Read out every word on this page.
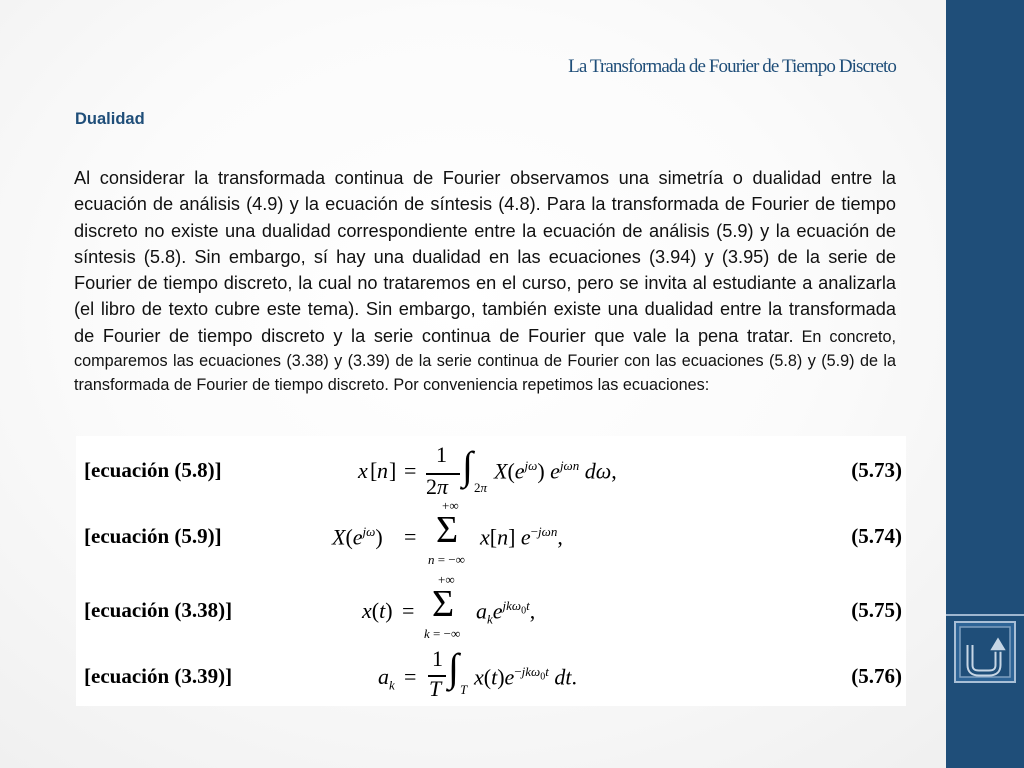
La Transformada de Fourier de Tiempo Discreto
Dualidad
Al considerar la transformada continua de Fourier observamos una simetría o dualidad entre la ecuación de análisis (4.9) y la ecuación de síntesis (4.8). Para la transformada de Fourier de tiempo discreto no existe una dualidad correspondiente entre la ecuación de análisis (5.9) y la ecuación de síntesis (5.8). Sin embargo, sí hay una dualidad en las ecuaciones (3.94) y (3.95) de la serie de Fourier de tiempo discreto, la cual no trataremos en el curso, pero se invita al estudiante a analizarla (el libro de texto cubre este tema). Sin embargo, también existe una dualidad entre la transformada de Fourier de tiempo discreto y la serie continua de Fourier que vale la pena tratar. En concreto, comparemos las ecuaciones (3.38) y (3.39) de la serie continua de Fourier con las ecuaciones (5.8) y (5.9) de la transformada de Fourier de tiempo discreto. Por conveniencia repetimos las ecuaciones:
[ecuación (5.8)]	x [ n ] =
1
2π ∫ 2π
$X(e^{j\omega})$ $e^{j\omega n}$ dω,	(5.73)
[ecuación (5.9)]	$X(e^{j\omega})$ =
+∞
Σ
n = −∞
x[n] $e^{-j\omega n}$,	(5.74)
[ecuación (3.38)]	x(t) =
+∞
Σ
k = −∞
$a_ke^{jk\omega_0t}$,	(5.75)
[ecuación (3.39)]	$a_k$ =
1
T ∫ T
$x(t)e^{-jk\omega_0t}$ dt.	(5.76)
